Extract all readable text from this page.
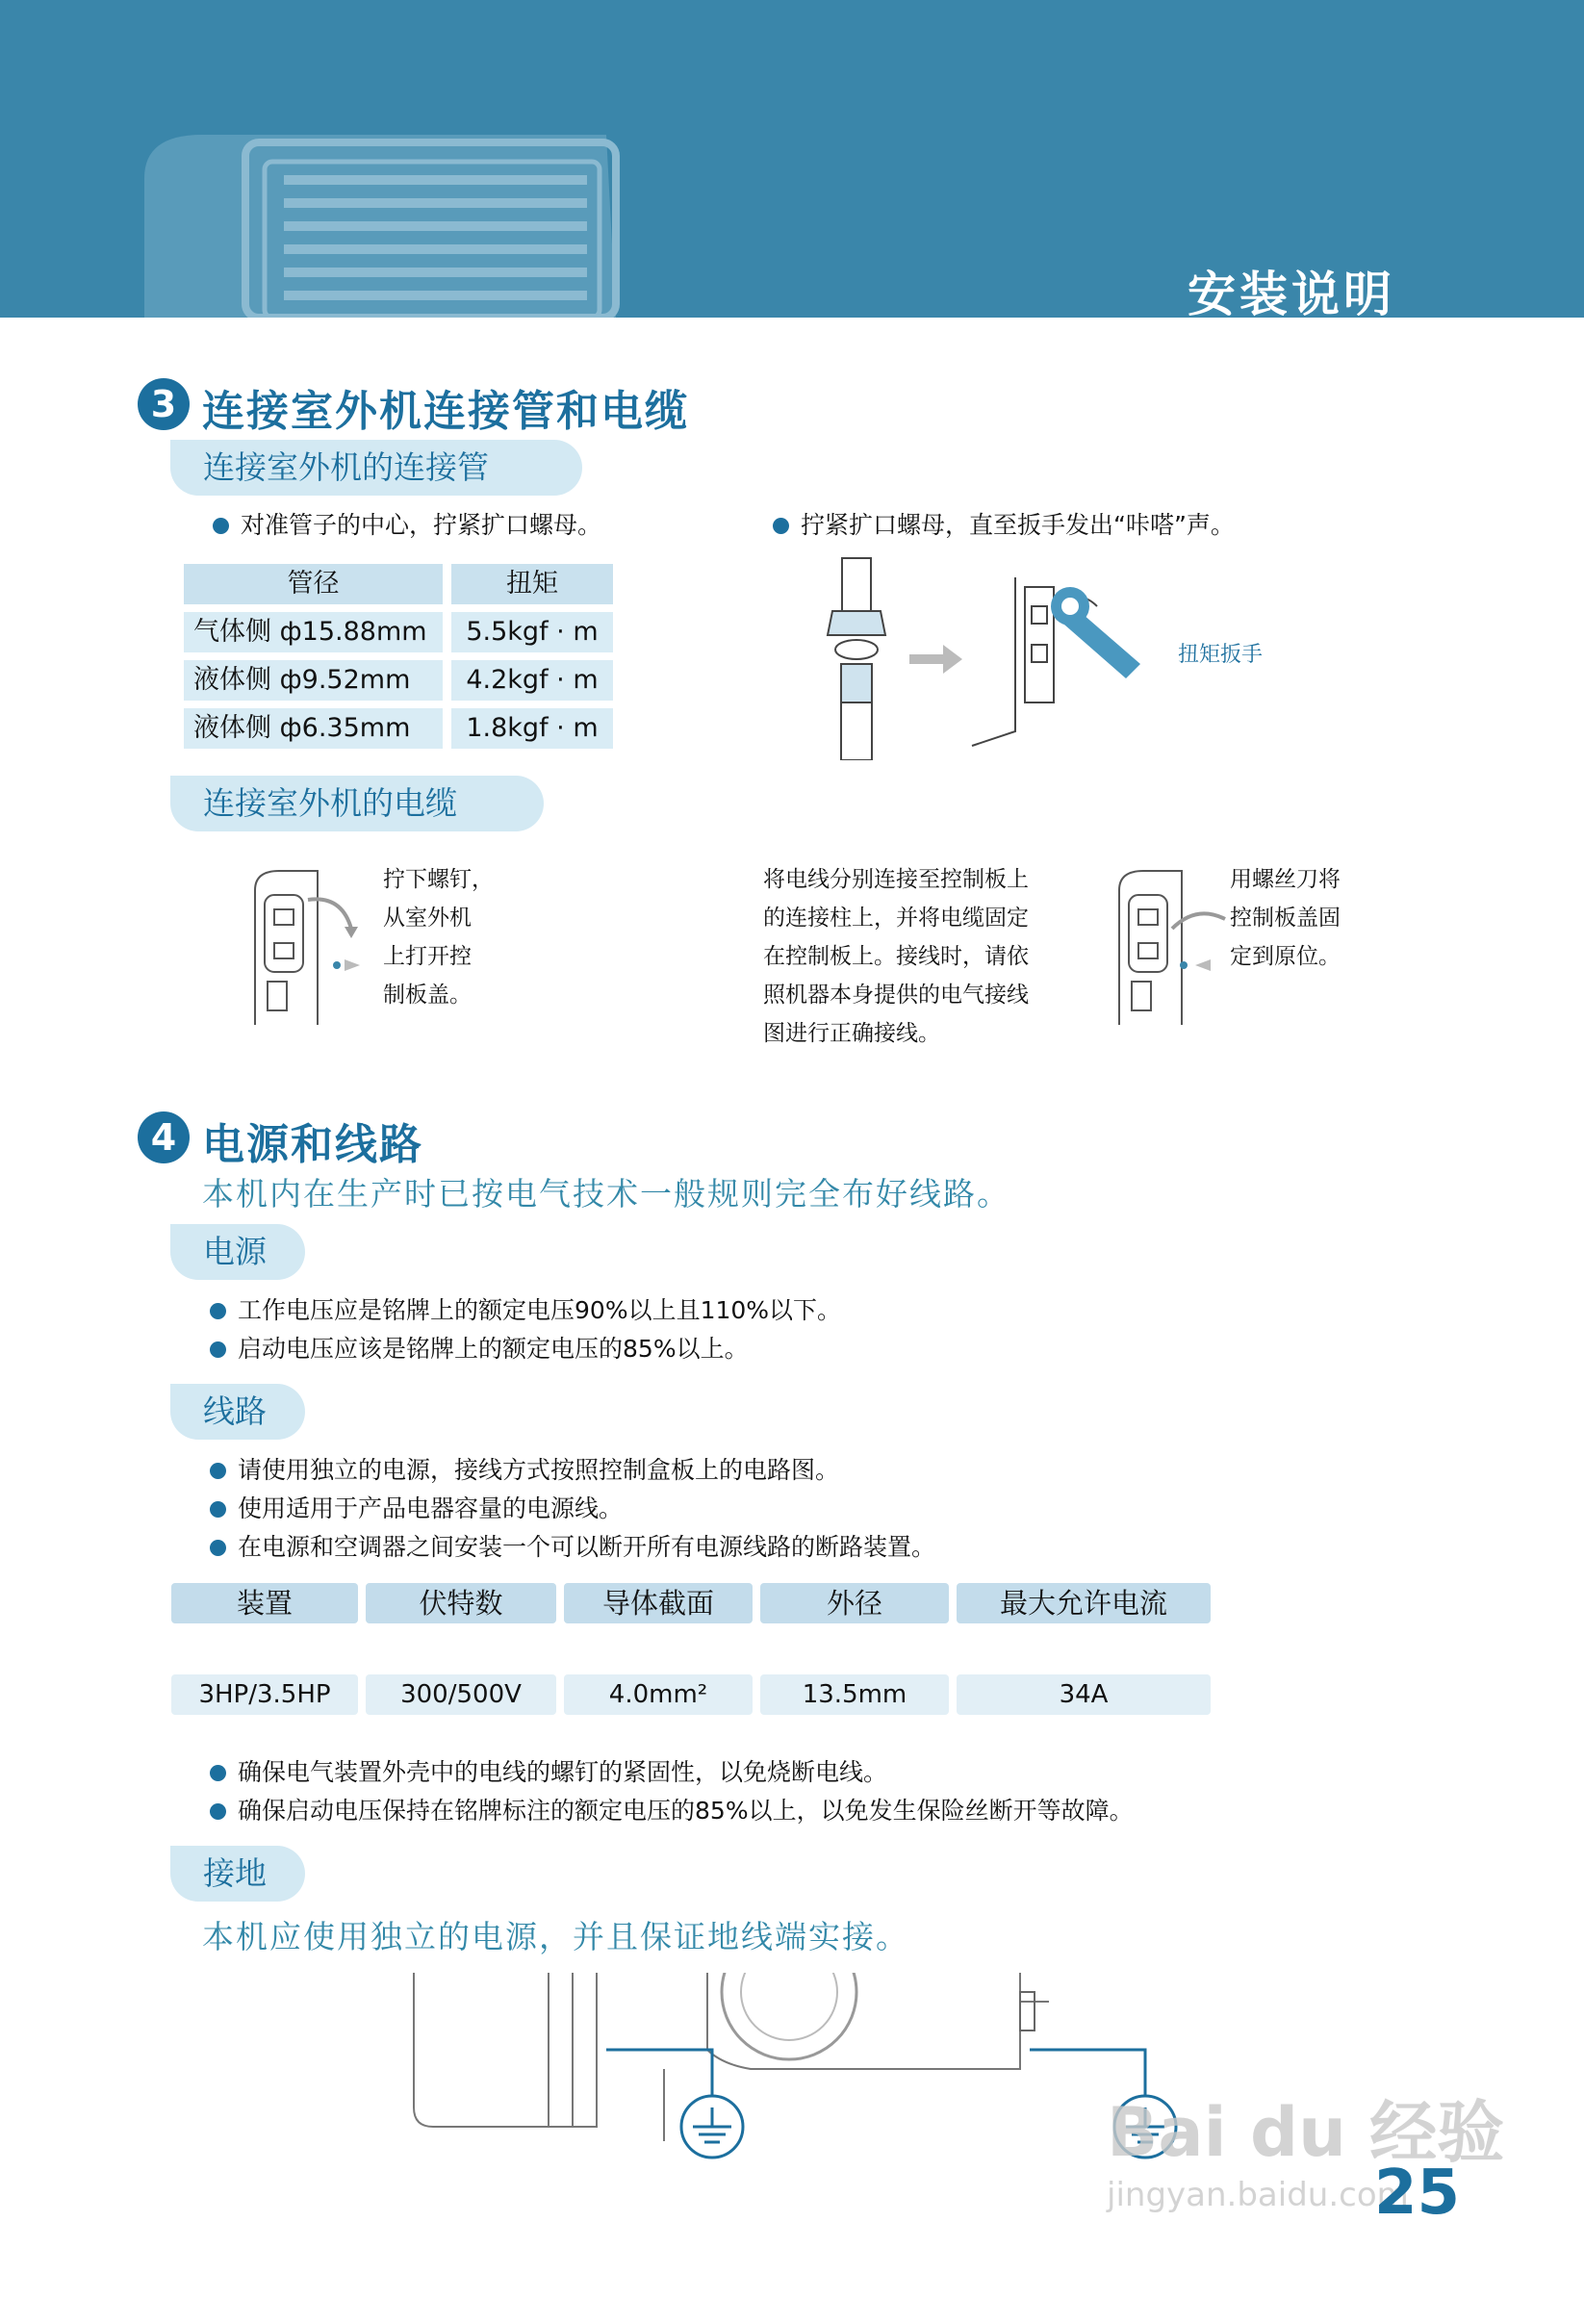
安装说明
3 连接室外机连接管和电缆
连接室外机的连接管
对准管子的中心，拧紧扩口螺母。	拧紧扩口螺母，直至扳手发出“咔嗒”声。
管径	扭矩
气体侧 ф15.88mm	5.5kgf · m
液体侧 ф9.52mm	4.2kgf · m
液体侧 ф6.35mm	1.8kgf · m
扭矩扳手
连接室外机的电缆
拧下螺钉，
从室外机
上打开控
制板盖。
将电线分别连接至控制板上
的连接柱上，并将电缆固定
在控制板上。接线时，请依
照机器本身提供的电气接线
图进行正确接线。
用螺丝刀将
控制板盖固
定到原位。
4 电源和线路
本机内在生产时已按电气技术一般规则完全布好线路。
电源
工作电压应是铭牌上的额定电压90%以上且110%以下。
启动电压应该是铭牌上的额定电压的85%以上。
线路
请使用独立的电源，接线方式按照控制盒板上的电路图。
使用适用于产品电器容量的电源线。
在电源和空调器之间安装一个可以断开所有电源线路的断路装置。
装置	伏特数	导体截面	外径	最大允许电流
3HP/3.5HP	300/500V	4.0mm²	13.5mm	34A
确保电气装置外壳中的电线的螺钉的紧固性，以免烧断电线。
确保启动电压保持在铭牌标注的额定电压的85%以上，以免发生保险丝断开等故障。
接地
本机应使用独立的电源，并且保证地线端实接。
Bai du 经验
jingyan.baidu.com
25
